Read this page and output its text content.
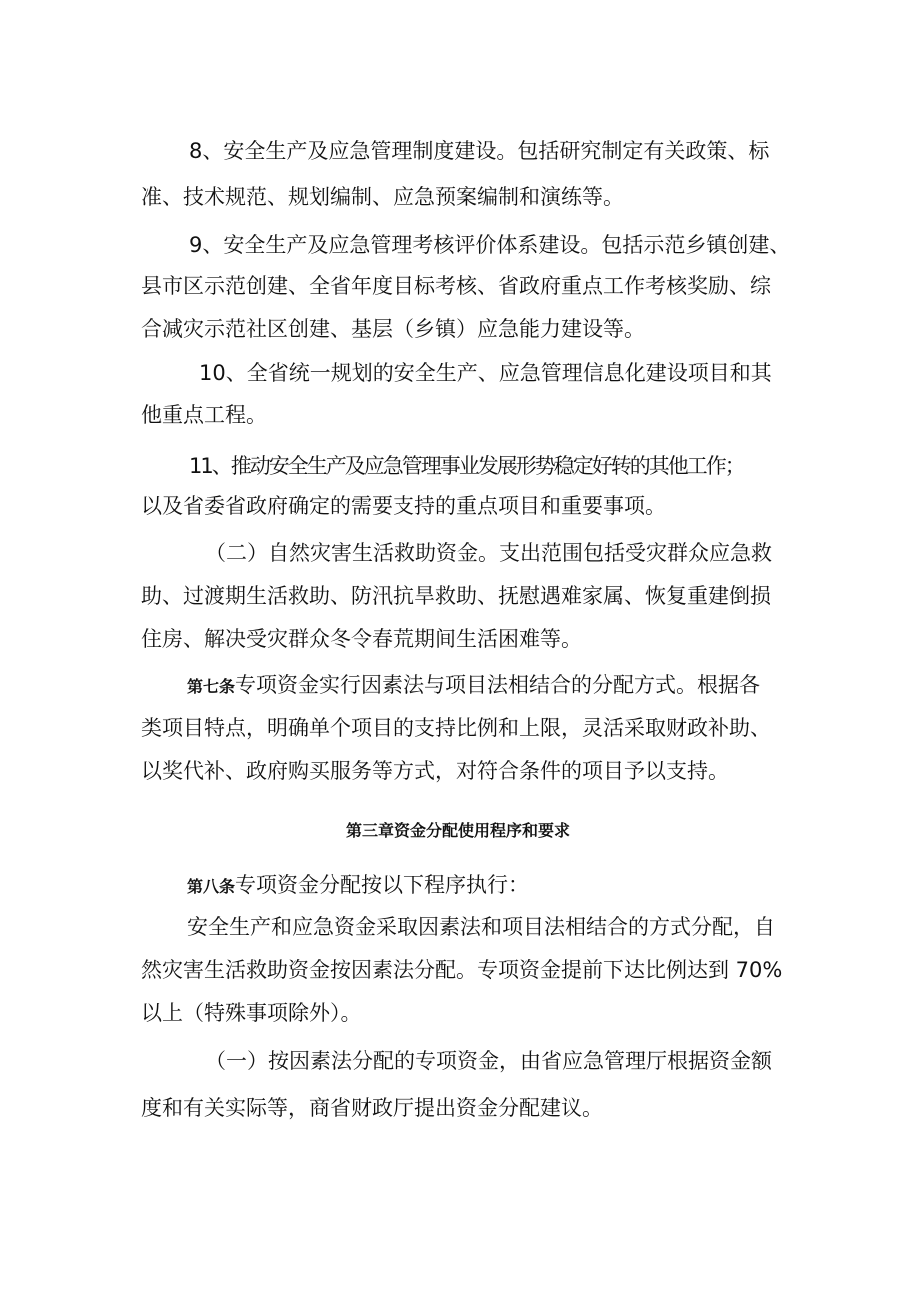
8、安全生产及应急管理制度建设。包括研究制定有关政策、标

准、技术规范、规划编制、应急预案编制和演练等。

9、安全生产及应急管理考核评价体系建设。包括示范乡镇创建、

县市区示范创建、全省年度目标考核、省政府重点工作考核奖励、综

合减灾示范社区创建、基层（乡镇）应急能力建设等。

10、全省统一规划的安全生产、应急管理信息化建设项目和其

他重点工程。

11、推动安全生产及应急管理事业发展形势稳定好转的其他工作；

以及省委省政府确定的需要支持的重点项目和重要事项。

（二）自然灾害生活救助资金。支出范围包括受灾群众应急救

助、过渡期生活救助、防汛抗旱救助、抚慰遇难家属、恢复重建倒损

住房、解决受灾群众冬令春荒期间生活困难等。

第七条专项资金实行因素法与项目法相结合的分配方式。根据各

类项目特点，明确单个项目的支持比例和上限，灵活采取财政补助、

以奖代补、政府购买服务等方式，对符合条件的项目予以支持。

第三章资金分配使用程序和要求

第八条专项资金分配按以下程序执行：

安全生产和应急资金采取因素法和项目法相结合的方式分配，自

然灾害生活救助资金按因素法分配。专项资金提前下达比例达到 70%

以上（特殊事项除外）。

（一）按因素法分配的专项资金，由省应急管理厅根据资金额

度和有关实际等，商省财政厅提出资金分配建议。
